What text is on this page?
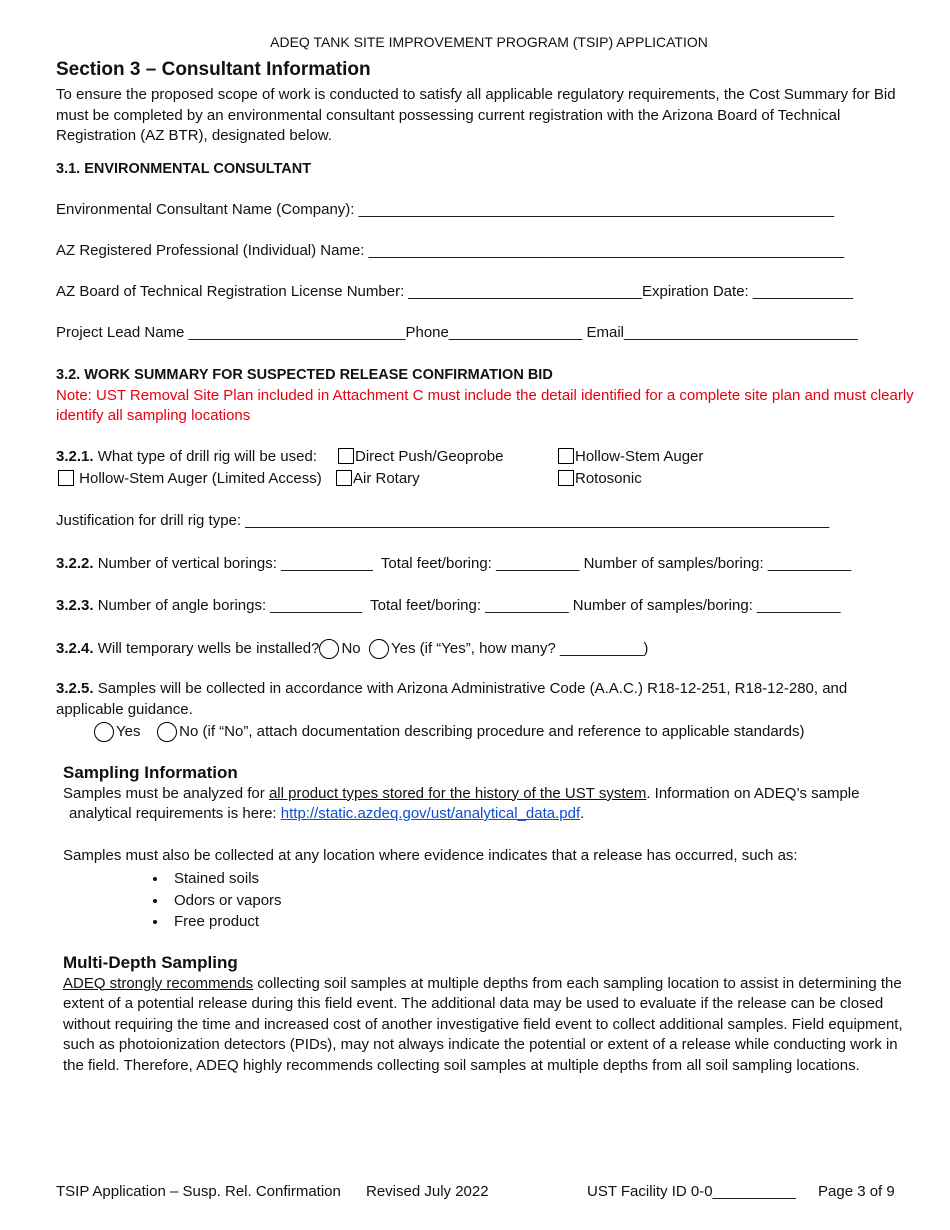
ADEQ TANK SITE IMPROVEMENT PROGRAM (TSIP) APPLICATION
Section 3 – Consultant Information

To ensure the proposed scope of work is conducted to satisfy all applicable regulatory requirements, the Cost Summary for Bid must be completed by an environmental consultant possessing current registration with the Arizona Board of Technical Registration (AZ BTR), designated below.

3.1. ENVIRONMENTAL CONSULTANT
Environmental Consultant Name (Company): _________________________________________________________
AZ Registered Professional (Individual) Name: _________________________________________________________
AZ Board of Technical Registration License Number: ____________________________Expiration Date: ____________
Project Lead Name __________________________Phone________________ Email____________________________
3.2. WORK SUMMARY FOR SUSPECTED RELEASE CONFIRMATION BID

Note: UST Removal Site Plan included in Attachment C must include the detail identified for a complete site plan and must clearly identify all sampling locations

3.2.1. What type of drill rig will be used:	Direct Push/Geoprobe	Hollow-Stem Auger
Hollow-Stem Auger (Limited Access)	Air Rotary	Rotosonic
Justification for drill rig type: ______________________________________________________________________
3.2.2. Number of vertical borings: ___________  Total feet/boring: __________ Number of samples/boring: __________
3.2.3. Number of angle borings: ___________  Total feet/boring: __________ Number of samples/boring: __________
3.2.4. Will temporary wells be installed? No Yes (if “Yes”, how many? __________)
3.2.5. Samples will be collected in accordance with Arizona Administrative Code (A.A.C.) R18-12-251, R18-12-280, and applicable guidance.
Yes	No (if “No”, attach documentation describing procedure and reference to applicable standards)
Sampling Information

Samples must be analyzed for all product types stored for the history of the UST system. Information on ADEQ’s sample

analytical requirements is here: http://static.azdeq.gov/ust/analytical_data.pdf.

Samples must also be collected at any location where evidence indicates that a release has occurred, such as:

• Stained soils
• Odors or vapors
• Free product
Multi-Depth Sampling

ADEQ strongly recommends collecting soil samples at multiple depths from each sampling location to assist in determining the extent of a potential release during this field event. The additional data may be used to evaluate if the release can be closed without requiring the time and increased cost of another investigative field event to collect additional samples. Field equipment, such as photoionization detectors (PIDs), may not always indicate the potential or extent of a release while conducting work in the field. Therefore, ADEQ highly recommends collecting soil samples at multiple depths from all soil sampling locations.

TSIP Application – Susp. Rel. Confirmation Revised July 2022	UST Facility ID 0-0__________ Page 3 of 9
